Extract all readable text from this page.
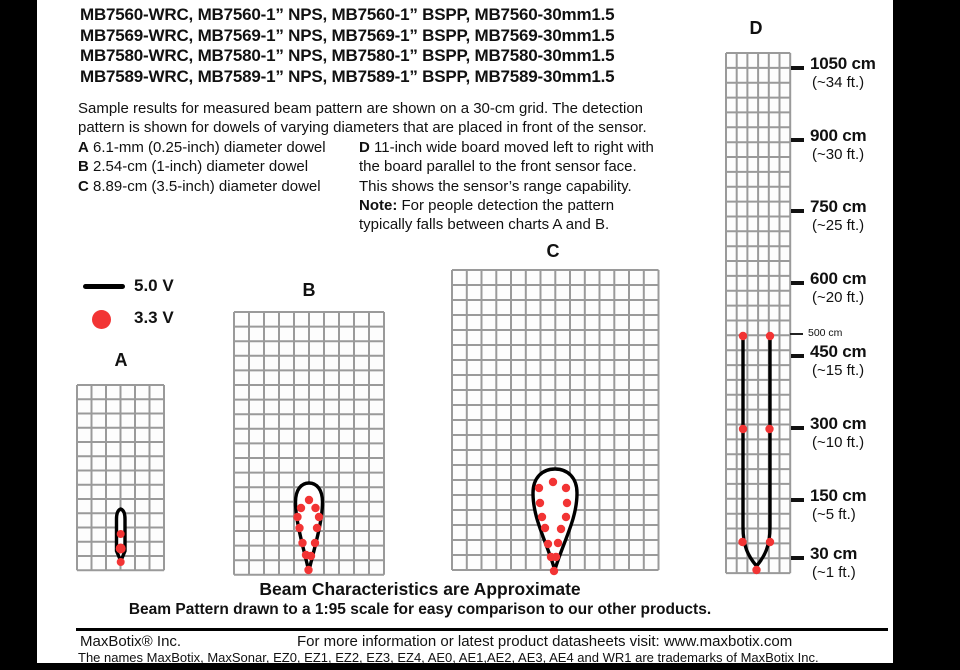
MB7560-WRC, MB7560-1” NPS, MB7560-1” BSPP, MB7560-30mm1.5
MB7569-WRC, MB7569-1” NPS, MB7569-1” BSPP, MB7569-30mm1.5
MB7580-WRC, MB7580-1” NPS, MB7580-1” BSPP, MB7580-30mm1.5
MB7589-WRC, MB7589-1” NPS, MB7589-1” BSPP, MB7589-30mm1.5
Sample results for measured beam pattern are shown on a 30-cm grid. The detection
pattern is shown for dowels of varying diameters that are placed in front of the sensor.
A 6.1-mm (0.25-inch) diameter dowel
B 2.54-cm (1-inch) diameter dowel
C 8.89-cm (3.5-inch) diameter dowel
D 11-inch wide board moved left to right with
the board parallel to the front sensor face.
This shows the sensor’s range capability.
Note: For people detection the pattern
typically falls between charts A and B.
5.0 V
3.3 V
A
B
C
D
1050 cm
(~34 ft.)
900 cm
(~30 ft.)
750 cm
(~25 ft.)
600 cm
(~20 ft.)
450 cm
(~15 ft.)
300 cm
(~10 ft.)
150 cm
(~5 ft.)
30 cm
(~1 ft.)
500 cm
Beam Characteristics are Approximate
Beam Pattern drawn to a 1:95 scale for easy comparison to our other products.
MaxBotix® Inc.	For more information or latest product datasheets visit: www.maxbotix.com
The names MaxBotix, MaxSonar, EZ0, EZ1, EZ2, EZ3, EZ4, AE0, AE1,AE2, AE3, AE4 and WR1 are trademarks of MaxBotix Inc.
